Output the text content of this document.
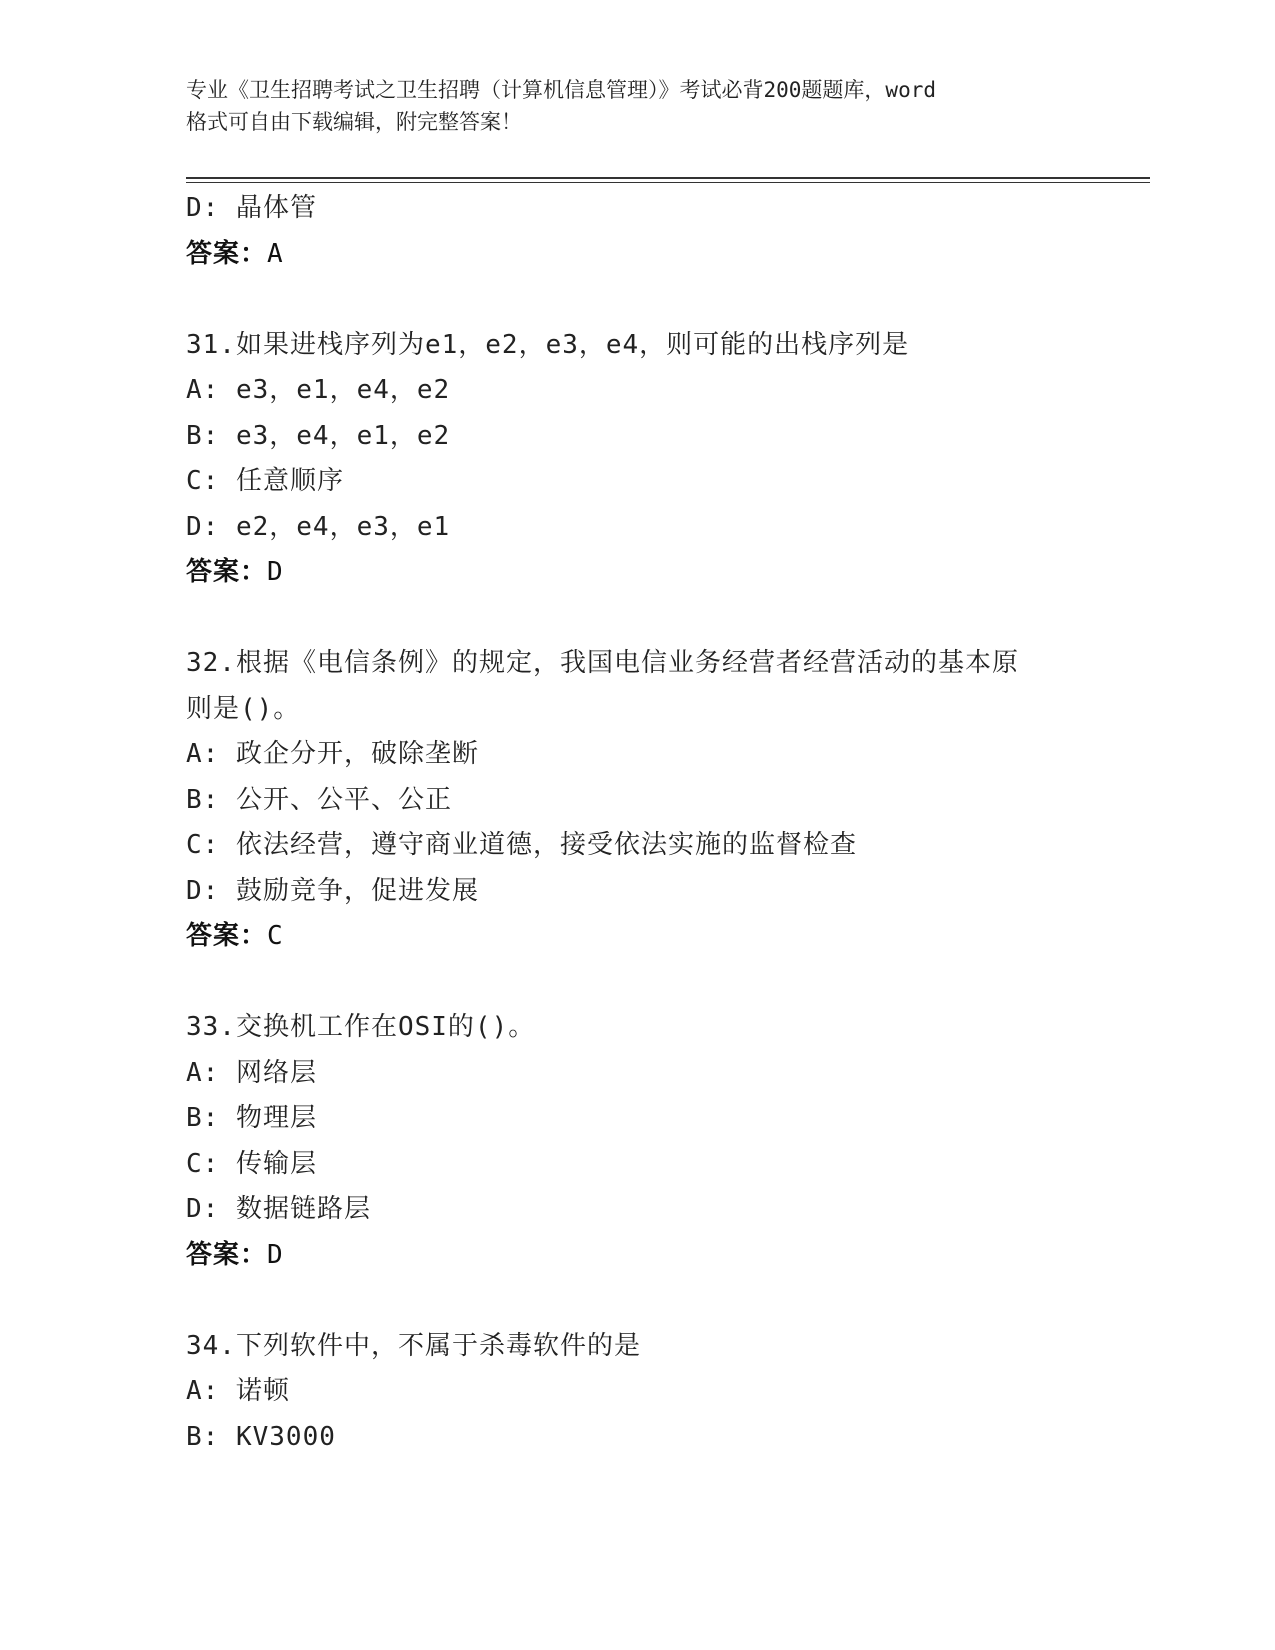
专业《卫生招聘考试之卫生招聘（计算机信息管理）》考试必背200题题库，word
格式可自由下载编辑，附完整答案！
D: 晶体管
答案：A
31.如果进栈序列为e1，e2，e3，e4，则可能的出栈序列是
A: e3，e1，e4，e2
B: e3，e4，e1，e2
C: 任意顺序
D: e2，e4，e3，e1
答案：D
32.根据《电信条例》的规定，我国电信业务经营者经营活动的基本原
则是()。
A: 政企分开，破除垄断
B: 公开、公平、公正
C: 依法经营，遵守商业道德，接受依法实施的监督检查
D: 鼓励竞争，促进发展
答案：C
33.交换机工作在OSI的()。
A: 网络层
B: 物理层
C: 传输层
D: 数据链路层
答案：D
34.下列软件中，不属于杀毒软件的是
A: 诺顿
B: KV3000
